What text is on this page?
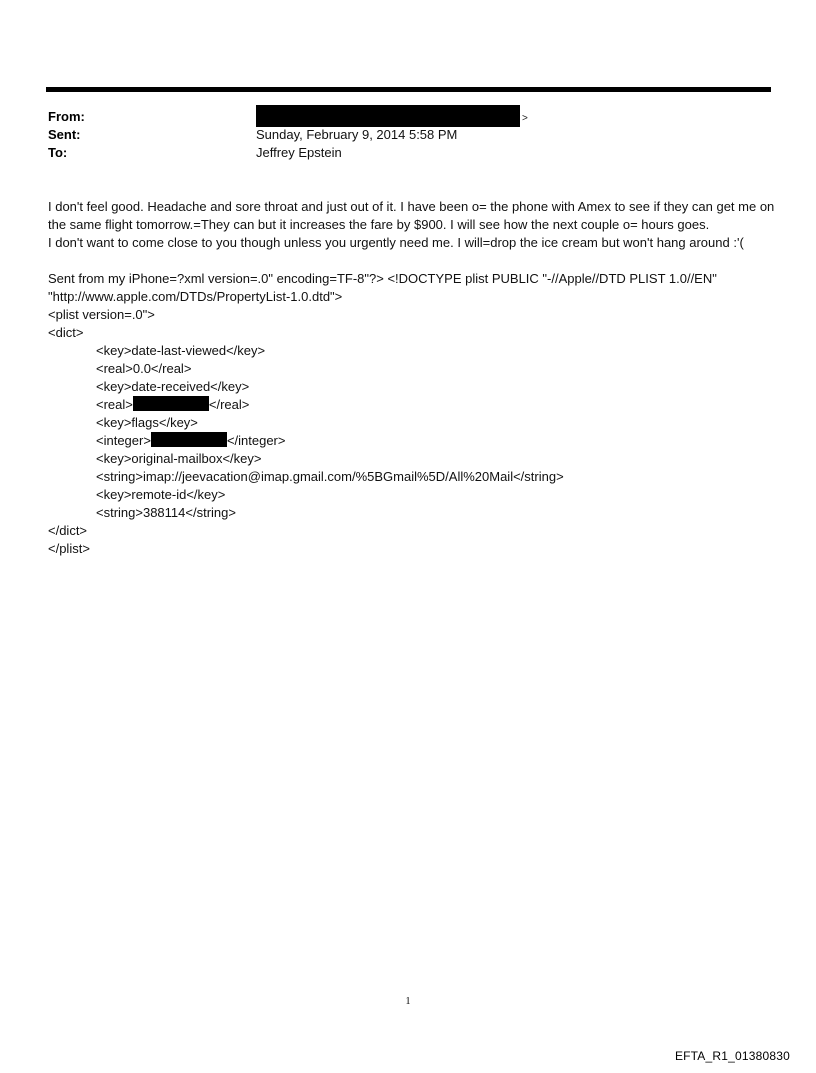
From:	>
Sent:	Sunday, February 9, 2014 5:58 PM
To:	Jeffrey Epstein

I don't feel good. Headache and sore throat and just out of it. I have been o= the phone with Amex to see if they can get me on the same flight tomorrow.=They can but it increases the fare by $900. I will see how the next couple o= hours goes.

I don't want to come close to you though unless you urgently need me. I will=drop the ice cream but won't hang around :'(

Sent from my iPhone=?xml version=.0" encoding=TF-8"?> <!DOCTYPE plist PUBLIC "-//Apple//DTD PLIST 1.0//EN" "http://www.apple.com/DTDs/PropertyList-1.0.dtd">

<plist version=.0">

<dict>

<key>date-last-viewed</key>

<real>0.0</real>

<key>date-received</key>

<real>	</real>

<key>flags</key>

<integer>	</integer>

<key>original-mailbox</key>

<string>imap://jeevacation@imap.gmail.com/%5BGmail%5D/All%20Mail</string>

<key>remote-id</key>

<string>388114</string>

</dict>

</plist>

1
EFTA_R1_01380830
